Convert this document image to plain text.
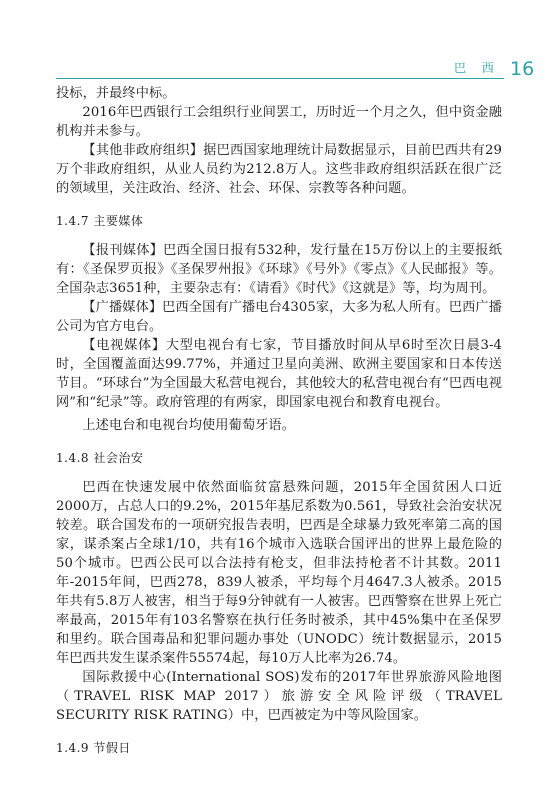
巴 西 16

投标，并最终中标。

2016年巴西银行工会组织行业间罢工，历时近一个月之久，但中资金融机构并未参与。

【其他非政府组织】据巴西国家地理统计局数据显示，目前巴西共有29万个非政府组织，从业人员约为212.8万人。这些非政府组织活跃在很广泛的领域里，关注政治、经济、社会、环保、宗教等各种问题。

1.4.7 主要媒体

【报刊媒体】巴西全国日报有532种，发行量在15万份以上的主要报纸有：《圣保罗页报》《圣保罗州报》《环球》《号外》《零点》《人民邮报》等。全国杂志3651种，主要杂志有：《请看》《时代》《这就是》等，均为周刊。

【广播媒体】巴西全国有广播电台4305家，大多为私人所有。巴西广播公司为官方电台。

【电视媒体】大型电视台有七家，节目播放时间从早6时至次日晨3-4时，全国覆盖面达99.77%，并通过卫星向美洲、欧洲主要国家和日本传送节目。“环球台”为全国最大私营电视台，其他较大的私营电视台有“巴西电视网”和“纪录”等。政府管理的有两家，即国家电视台和教育电视台。

上述电台和电视台均使用葡萄牙语。

1.4.8 社会治安

巴西在快速发展中依然面临贫富悬殊问题，2015年全国贫困人口近2000万，占总人口的9.2%，2015年基尼系数为0.561，导致社会治安状况较差。联合国发布的一项研究报告表明，巴西是全球暴力致死率第二高的国家，谋杀案占全球1/10，共有16个城市入选联合国评出的世界上最危险的50个城市。巴西公民可以合法持有枪支，但非法持枪者不计其数。2011年-2015年间，巴西278，839人被杀，平均每个月4647.3人被杀。2015年共有5.8万人被害，相当于每9分钟就有一人被害。巴西警察在世界上死亡率最高，2015年有103名警察在执行任务时被杀，其中45%集中在圣保罗和里约。联合国毒品和犯罪问题办事处（UNODC）统计数据显示，2015年巴西共发生谋杀案件55574起，每10万人比率为26.74。

国际救援中心(International SOS)发布的2017年世界旅游风险地图（TRAVEL RISK MAP 2017）旅游安全风险评级（TRAVEL SECURITY RISK RATING）中，巴西被定为中等风险国家。

1.4.9 节假日
